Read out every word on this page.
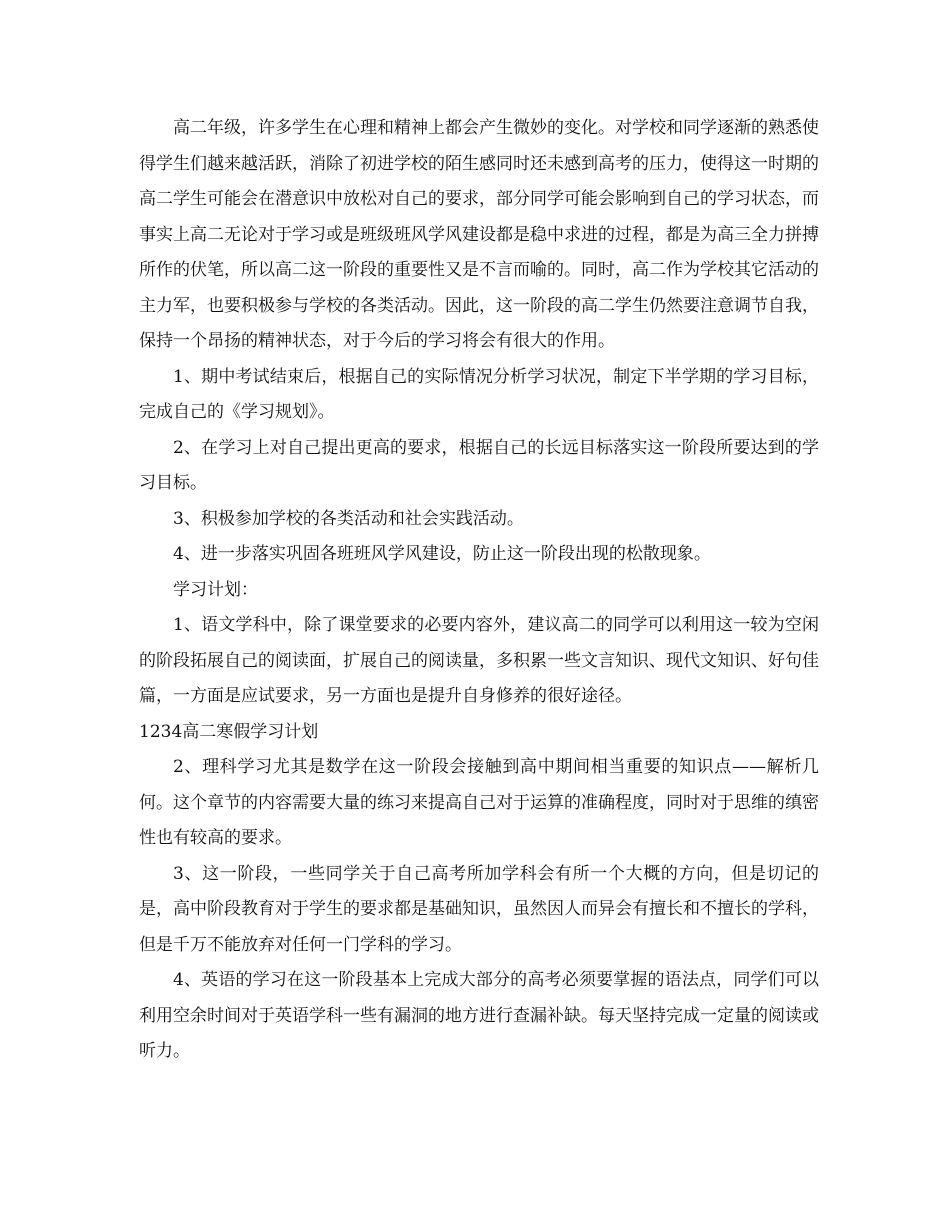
高二年级，许多学生在心理和精神上都会产生微妙的变化。对学校和同学逐渐的熟悉使得学生们越来越活跃，消除了初进学校的陌生感同时还未感到高考的压力，使得这一时期的高二学生可能会在潜意识中放松对自己的要求，部分同学可能会影响到自己的学习状态，而事实上高二无论对于学习或是班级班风学风建设都是稳中求进的过程，都是为高三全力拼搏所作的伏笔，所以高二这一阶段的重要性又是不言而喻的。同时，高二作为学校其它活动的主力军，也要积极参与学校的各类活动。因此，这一阶段的高二学生仍然要注意调节自我，保持一个昂扬的精神状态，对于今后的学习将会有很大的作用。

1、期中考试结束后，根据自己的实际情况分析学习状况，制定下半学期的学习目标，完成自己的《学习规划》。

2、在学习上对自己提出更高的要求，根据自己的长远目标落实这一阶段所要达到的学习目标。

3、积极参加学校的各类活动和社会实践活动。

4、进一步落实巩固各班班风学风建设，防止这一阶段出现的松散现象。

学习计划：

1、语文学科中，除了课堂要求的必要内容外，建议高二的同学可以利用这一较为空闲的阶段拓展自己的阅读面，扩展自己的阅读量，多积累一些文言知识、现代文知识、好句佳篇，一方面是应试要求，另一方面也是提升自身修养的很好途径。

1234高二寒假学习计划

2、理科学习尤其是数学在这一阶段会接触到高中期间相当重要的知识点——解析几何。这个章节的内容需要大量的练习来提高自己对于运算的准确程度，同时对于思维的缜密性也有较高的要求。

3、这一阶段，一些同学关于自己高考所加学科会有所一个大概的方向，但是切记的是，高中阶段教育对于学生的要求都是基础知识，虽然因人而异会有擅长和不擅长的学科，但是千万不能放弃对任何一门学科的学习。

4、英语的学习在这一阶段基本上完成大部分的高考必须要掌握的语法点，同学们可以利用空余时间对于英语学科一些有漏洞的地方进行查漏补缺。每天坚持完成一定量的阅读或听力。
